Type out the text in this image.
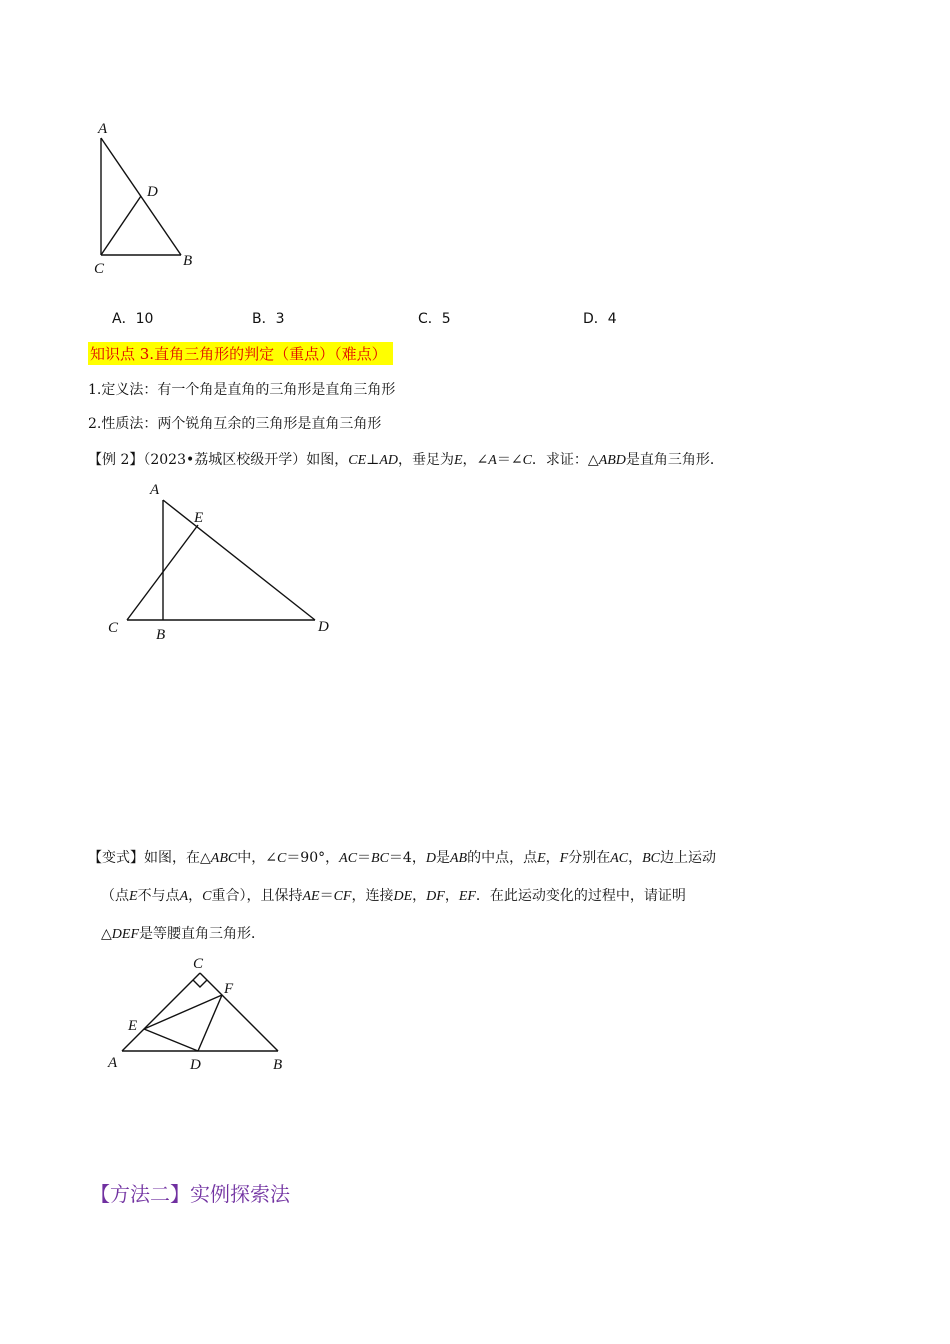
A
D
C	B
A．10	B．3	C．5	D．4
知识点 3.直角三角形的判定（重点）（难点）
1.定义法：有一个角是直角的三角形是直角三角形
2.性质法：两个锐角互余的三角形是直角三角形
【例 2】（2023•荔城区校级开学）如图，CE⊥AD，垂足为E，∠A＝∠C．求证：△ABD是直角三角形．
A
E
C	B	D
【变式】如图，在△ABC中，∠C＝90°，AC＝BC＝4，D是AB的中点，点E，F分别在AC，BC边上运动
（点E不与点A，C重合），且保持AE＝CF，连接DE，DF，EF．在此运动变化的过程中，请证明
△DEF是等腰直角三角形．
C
F
E
A	D	B
【方法二】实例探索法
